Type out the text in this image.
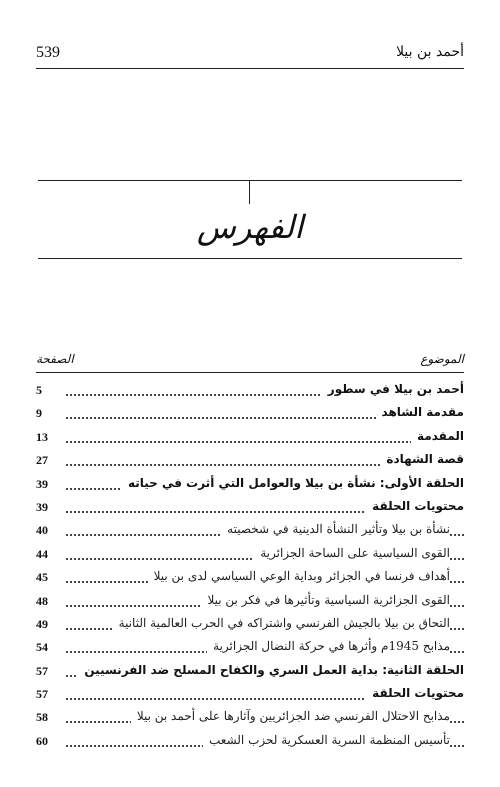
539	أحمد بن بيلا
الفهرس
الصفحة	الموضوع
أحمد بن بيلا في سطور
5
مقدمة الشاهد
9
المقدمة
13
قصة الشهادة
27
الحلقة الأولى: نشأة بن بيلا والعوامل التي أثرت في حياته
39
محتويات الحلقة
39
نشأة بن بيلا وتأثير النشأة الدينية في شخصيته
40
القوى السياسية على الساحة الجزائرية
44
أهداف فرنسا في الجزائر وبداية الوعي السياسي لدى بن بيلا
45
القوى الجزائرية السياسية وتأثيرها في فكر بن بيلا
48
التحاق بن بيلا بالجيش الفرنسي واشتراكه في الحرب العالمية الثانية
49
مذابح 1945م وأثرها في حركة النضال الجزائرية
54
الحلقة الثانية: بداية العمل السري والكفاح المسلح ضد الفرنسيين
57
محتويات الحلقة
57
مذابح الاحتلال الفرنسي ضد الجزائريين وآثارها على أحمد بن بيلا
58
تأسيس المنظمة السرية العسكرية لحزب الشعب
60
